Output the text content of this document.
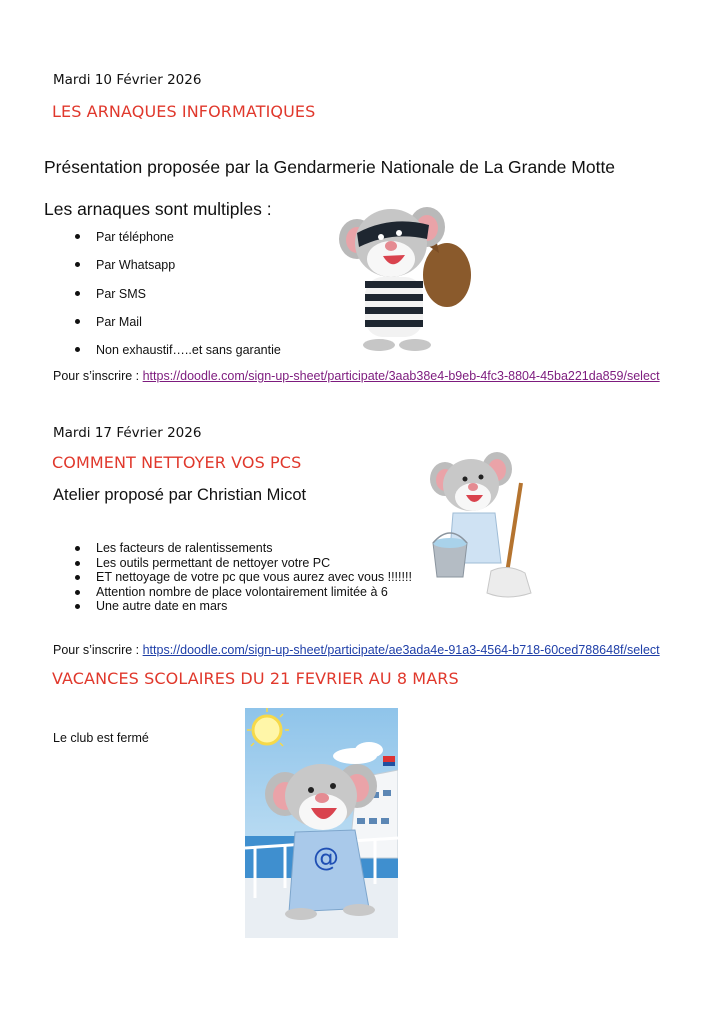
Mardi 10 Février 2026
LES ARNAQUES INFORMATIQUES
Présentation proposée par la Gendarmerie Nationale de La Grande Motte
Les arnaques sont multiples :
Par téléphone
Par Whatsapp
Par SMS
Par Mail
Non exhaustif…..et sans garantie
Pour s’inscrire : https://doodle.com/sign-up-sheet/participate/3aab38e4-b9eb-4fc3-8804-45ba221da859/select
Mardi 17 Février 2026
COMMENT NETTOYER VOS PCS
Atelier proposé par Christian Micot
Les facteurs de ralentissements
Les outils permettant de nettoyer votre PC
ET nettoyage de votre pc que vous aurez avec vous !!!!!!!
Attention nombre de place volontairement limitée à 6
Une autre date en mars
Pour s’inscrire : https://doodle.com/sign-up-sheet/participate/ae3ada4e-91a3-4564-b718-60ced788648f/select
VACANCES SCOLAIRES DU 21 FEVRIER AU 8 MARS
Le club est fermé
@
